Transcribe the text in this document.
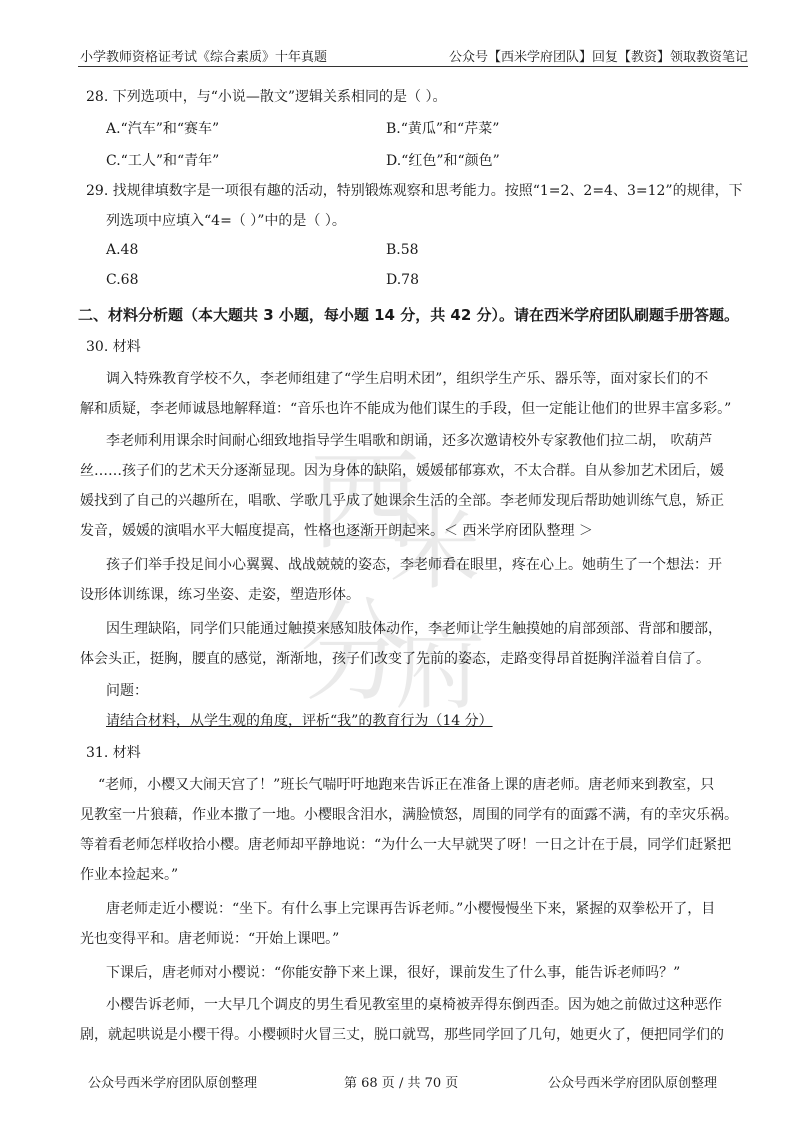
小学教师资格证考试《综合素质》十年真题	公众号【西米学府团队】回复【教资】领取教资笔记
西
米
分
府
28. 下列选项中，与“小说—散文”逻辑关系相同的是（ ）。
A.“汽车”和“赛车”	B.“黄瓜”和“芹菜”
C.“工人”和“青年”	D.“红色”和“颜色”
29. 找规律填数字是一项很有趣的活动，特别锻炼观察和思考能力。按照“1=2、2=4、3=12”的规律，下
列选项中应填入“4=（ ）”中的是（ ）。
A.48	B.58
C.68	D.78
二、材料分析题（本大题共 3 小题，每小题 14 分，共 42 分）。请在西米学府团队刷题手册答题。
30. 材料
调入特殊教育学校不久，李老师组建了“学生启明术团”，组织学生产乐、器乐等，面对家长们的不
解和质疑，李老师诚恳地解释道：“音乐也许不能成为他们谋生的手段，但一定能让他们的世界丰富多彩。”
李老师利用课余时间耐心细致地指导学生唱歌和朗诵，还多次邀请校外专家教他们拉二胡， 吹葫芦
丝……孩子们的艺术天分逐渐显现。因为身体的缺陷，媛媛郁郁寡欢，不太合群。自从参加艺术团后，媛
媛找到了自己的兴趣所在，唱歌、学歌几乎成了她课余生活的全部。李老师发现后帮助她训练气息，矫正
发音，媛媛的演唱水平大幅度提高，性格也逐渐开朗起来。＜ 西米学府团队整理 ＞
孩子们举手投足间小心翼翼、战战兢兢的姿态，李老师看在眼里，疼在心上。她萌生了一个想法：开
设形体训练课，练习坐姿、走姿，塑造形体。
因生理缺陷，同学们只能通过触摸来感知肢体动作，李老师让学生触摸她的肩部颈部、背部和腰部，
体会头正，挺胸，腰直的感觉，渐渐地，孩子们改变了先前的姿态，走路变得昂首挺胸洋溢着自信了。
问题：
请结合材料，从学生观的角度，评析“我”的教育行为（14 分）
31. 材料
“老师，小樱又大闹天宫了！”班长气喘吁吁地跑来告诉正在准备上课的唐老师。唐老师来到教室，只
见教室一片狼藉，作业本撒了一地。小樱眼含泪水，满脸愤怒，周围的同学有的面露不满，有的幸灾乐祸。
等着看老师怎样收拾小樱。唐老师却平静地说：“为什么一大早就哭了呀！一日之计在于晨，同学们赶紧把
作业本捡起来。”
唐老师走近小樱说：“坐下。有什么事上完课再告诉老师。”小樱慢慢坐下来，紧握的双拳松开了，目
光也变得平和。唐老师说：“开始上课吧。”
下课后，唐老师对小樱说：“你能安静下来上课，很好，课前发生了什么事，能告诉老师吗？”
小樱告诉老师，一大早几个调皮的男生看见教室里的桌椅被弄得东倒西歪。因为她之前做过这种恶作
剧，就起哄说是小樱干得。小樱顿时火冒三丈，脱口就骂，那些同学回了几句，她更火了，便把同学们的
公众号西米学府团队原创整理	第 68 页 / 共 70 页	公众号西米学府团队原创整理
